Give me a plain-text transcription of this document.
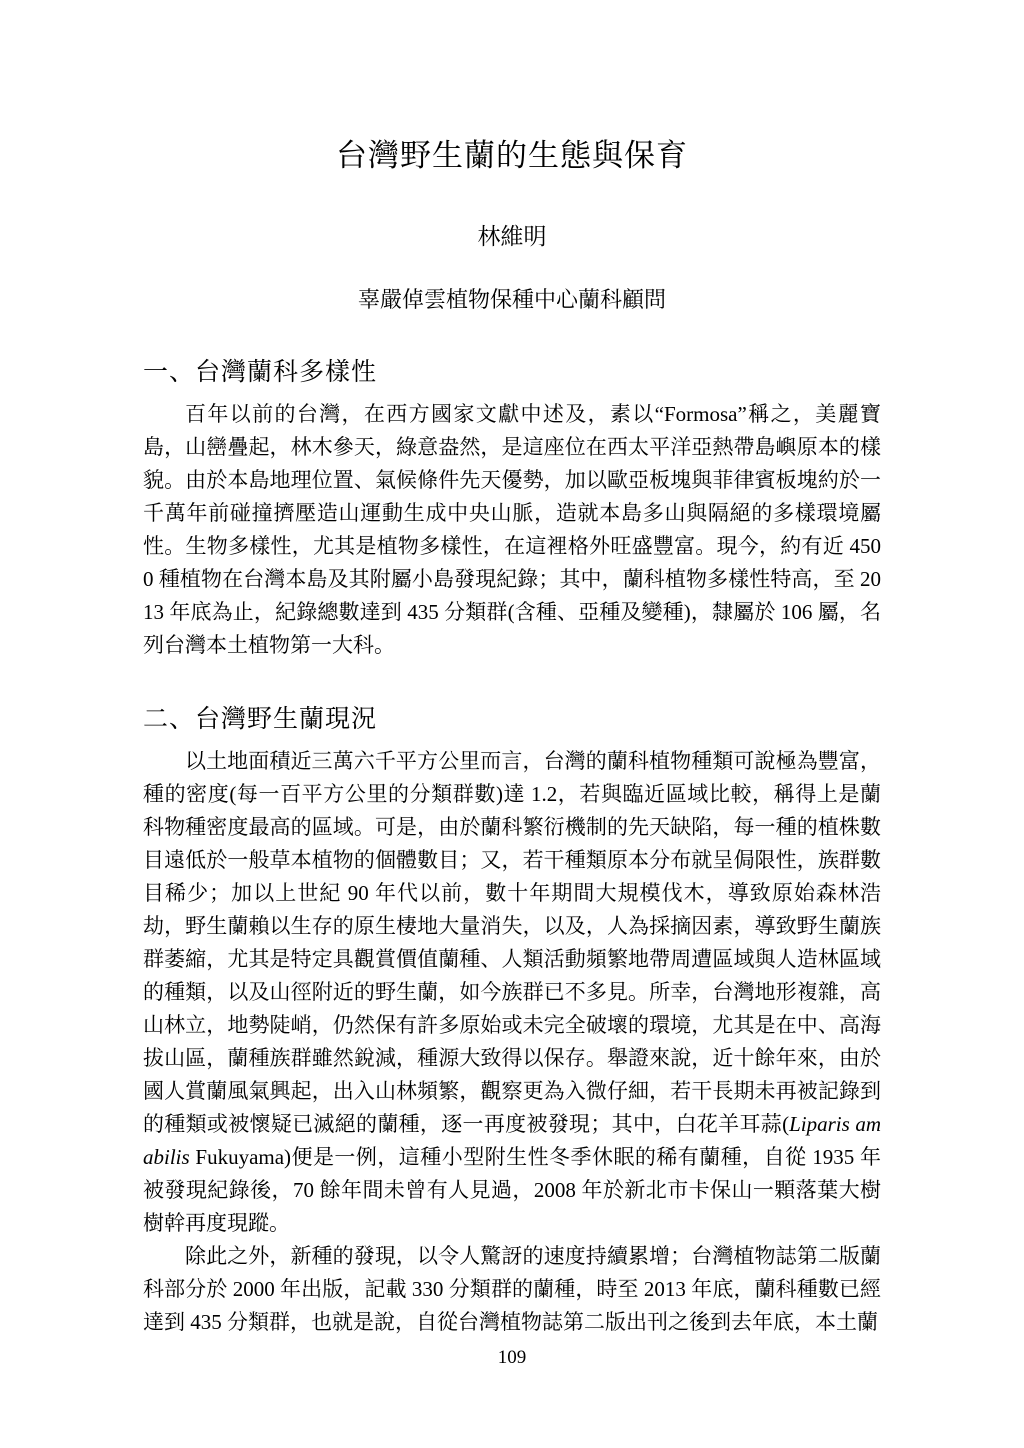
台灣野生蘭的生態與保育
林維明
辜嚴倬雲植物保種中心蘭科顧問
一、台灣蘭科多樣性

百年以前的台灣，在西方國家文獻中述及，素以“Formosa”稱之，美麗寶島，山巒疊起，林木參天，綠意盎然，是這座位在西太平洋亞熱帶島嶼原本的樣貌。由於本島地理位置、氣候條件先天優勢，加以歐亞板塊與菲律賓板塊約於一千萬年前碰撞擠壓造山運動生成中央山脈，造就本島多山與隔絕的多樣環境屬性。生物多樣性，尤其是植物多樣性，在這裡格外旺盛豐富。現今，約有近 4500 種植物在台灣本島及其附屬小島發現紀錄；其中，蘭科植物多樣性特高，至 2013 年底為止，紀錄總數達到 435 分類群(含種、亞種及變種)，隸屬於 106 屬，名列台灣本土植物第一大科。

二、台灣野生蘭現況

以土地面積近三萬六千平方公里而言，台灣的蘭科植物種類可說極為豐富，種的密度(每一百平方公里的分類群數)達 1.2，若與臨近區域比較，稱得上是蘭科物種密度最高的區域。可是，由於蘭科繁衍機制的先天缺陷，每一種的植株數目遠低於一般草本植物的個體數目；又，若干種類原本分布就呈侷限性，族群數目稀少；加以上世紀 90 年代以前，數十年期間大規模伐木，導致原始森林浩劫，野生蘭賴以生存的原生棲地大量消失，以及，人為採摘因素，導致野生蘭族群萎縮，尤其是特定具觀賞價值蘭種、人類活動頻繁地帶周遭區域與人造林區域的種類，以及山徑附近的野生蘭，如今族群已不多見。所幸，台灣地形複雜，高山林立，地勢陡峭，仍然保有許多原始或未完全破壞的環境，尤其是在中、高海拔山區，蘭種族群雖然銳減，種源大致得以保存。舉證來說，近十餘年來，由於國人賞蘭風氣興起，出入山林頻繁，觀察更為入微仔細，若干長期未再被記錄到的種類或被懷疑已滅絕的蘭種，逐一再度被發現；其中，白花羊耳蒜(Liparis amabilis Fukuyama)便是一例，這種小型附生性冬季休眠的稀有蘭種，自從 1935 年被發現紀錄後，70 餘年間未曾有人見過，2008 年於新北市卡保山一顆落葉大樹樹幹再度現蹤。

除此之外，新種的發現，以令人驚訝的速度持續累增；台灣植物誌第二版蘭科部分於 2000 年出版，記載 330 分類群的蘭種，時至 2013 年底，蘭科種數已經達到 435 分類群，也就是說，自從台灣植物誌第二版出刊之後到去年底，本土蘭

109
